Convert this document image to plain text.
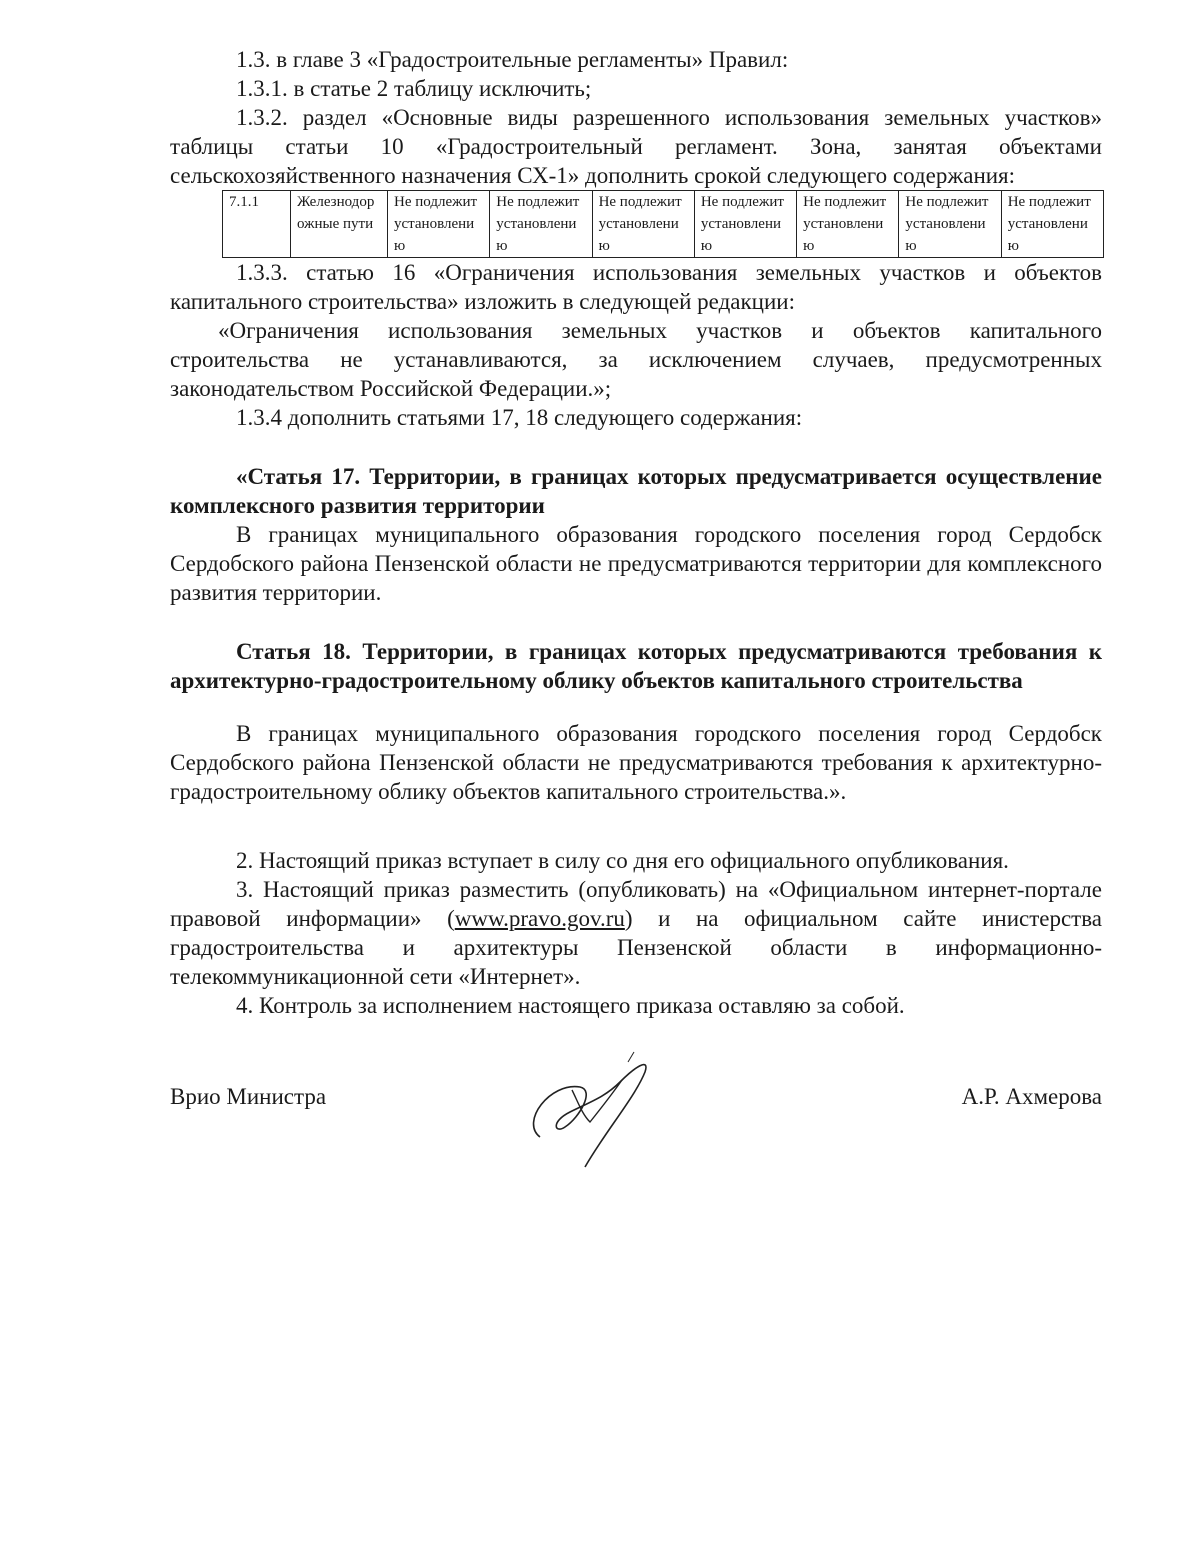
1.3. в главе 3 «Градостроительные регламенты» Правил:

1.3.1. в статье 2 таблицу исключить;

1.3.2. раздел «Основные виды разрешенного использования земельных участков» таблицы статьи 10 «Градостроительный регламент. Зона, занятая объектами сельскохозяйственного назначения СХ-1» дополнить срокой следующего содержания:

7.1.1	Железнодорожные пути	Не подлежит установлению	Не подлежит установлению	Не подлежит установлению	Не подлежит установлению	Не подлежит установлению	Не подлежит установлению	Не подлежит установлению

1.3.3. статью 16 «Ограничения использования земельных участков и объектов капитального строительства» изложить в следующей редакции:

«Ограничения использования земельных участков и объектов капитального строительства не устанавливаются, за исключением случаев, предусмотренных законодательством Российской Федерации.»;

1.3.4 дополнить статьями 17, 18 следующего содержания:

«Статья 17. Территории, в границах которых предусматривается осуществление комплексного развития территории

В границах муниципального образования городского поселения город Сердобск Сердобского района Пензенской области не предусматриваются территории для комплексного развития территории.

Статья 18. Территории, в границах которых предусматриваются требования к архитектурно-градостроительному облику объектов капитального строительства

В границах муниципального образования городского поселения город Сердобск Сердобского района Пензенской области не предусматриваются требования к архитектурно-градостроительному облику объектов капитального строительства.».

2. Настоящий приказ вступает в силу со дня его официального опубликования.

3. Настоящий приказ разместить (опубликовать) на «Официальном интернет-портале правовой информации» (www.pravo.gov.ru) и на официальном сайте инистерства градостроительства и архитектуры Пензенской области в информационно-телекоммуникационной сети «Интернет».

4. Контроль за исполнением настоящего приказа оставляю за собой.

Врио Министра	А.Р. Ахмерова
